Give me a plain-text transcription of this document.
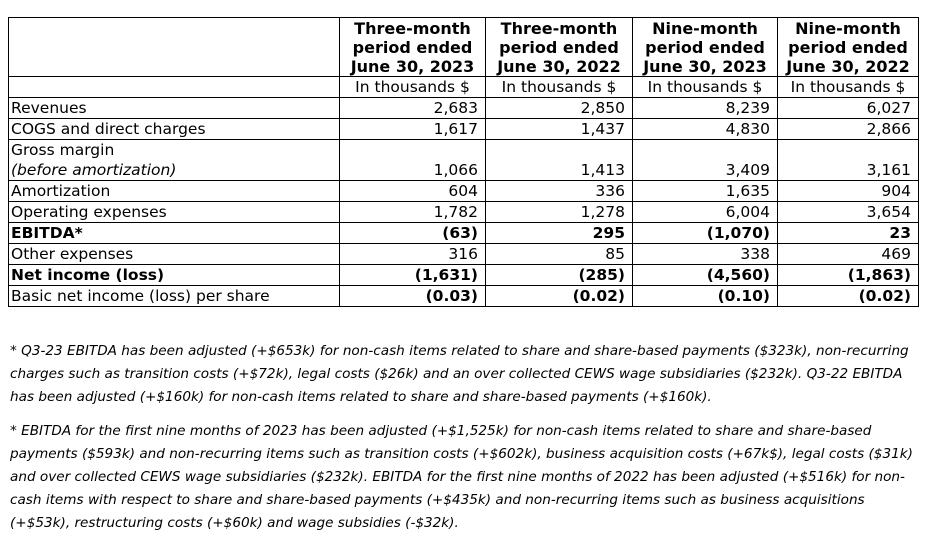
	Three-month
period ended
June 30, 2023	Three-month
period ended
June 30, 2022	Nine-month
period ended
June 30, 2023	Nine-month
period ended
June 30, 2022
	In thousands $	In thousands $	In thousands $	In thousands $
Revenues	2,683	2,850	8,239	6,027
COGS and direct charges	1,617	1,437	4,830	2,866
Gross margin
(before amortization)	1,066	1,413	3,409	3,161
Amortization	604	336	1,635	904
Operating expenses	1,782	1,278	6,004	3,654
EBITDA*	(63)	295	(1,070)	23
Other expenses	316	85	338	469
Net income (loss)	(1,631)	(285)	(4,560)	(1,863)
Basic net income (loss) per share	(0.03)	(0.02)	(0.10)	(0.02)

* Q3-23 EBITDA has been adjusted (+$653k) for non-cash items related to share and share-based payments ($323k), non-recurring charges such as transition costs (+$72k), legal costs ($26k) and an over collected CEWS wage subsidiaries ($232k). Q3-22 EBITDA has been adjusted (+$160k) for non-cash items related to share and share-based payments (+$160k).

* EBITDA for the first nine months of 2023 has been adjusted (+$1,525k) for non-cash items related to share and share-based payments ($593k) and non-recurring items such as transition costs (+$602k), business acquisition costs (+67k$), legal costs ($31k) and over collected CEWS wage subsidiaries ($232k). EBITDA for the first nine months of 2022 has been adjusted (+$516k) for non-cash items with respect to share and share-based payments (+$435k) and non-recurring items such as business acquisitions (+$53k), restructuring costs (+$60k) and wage subsidies (-$32k).
